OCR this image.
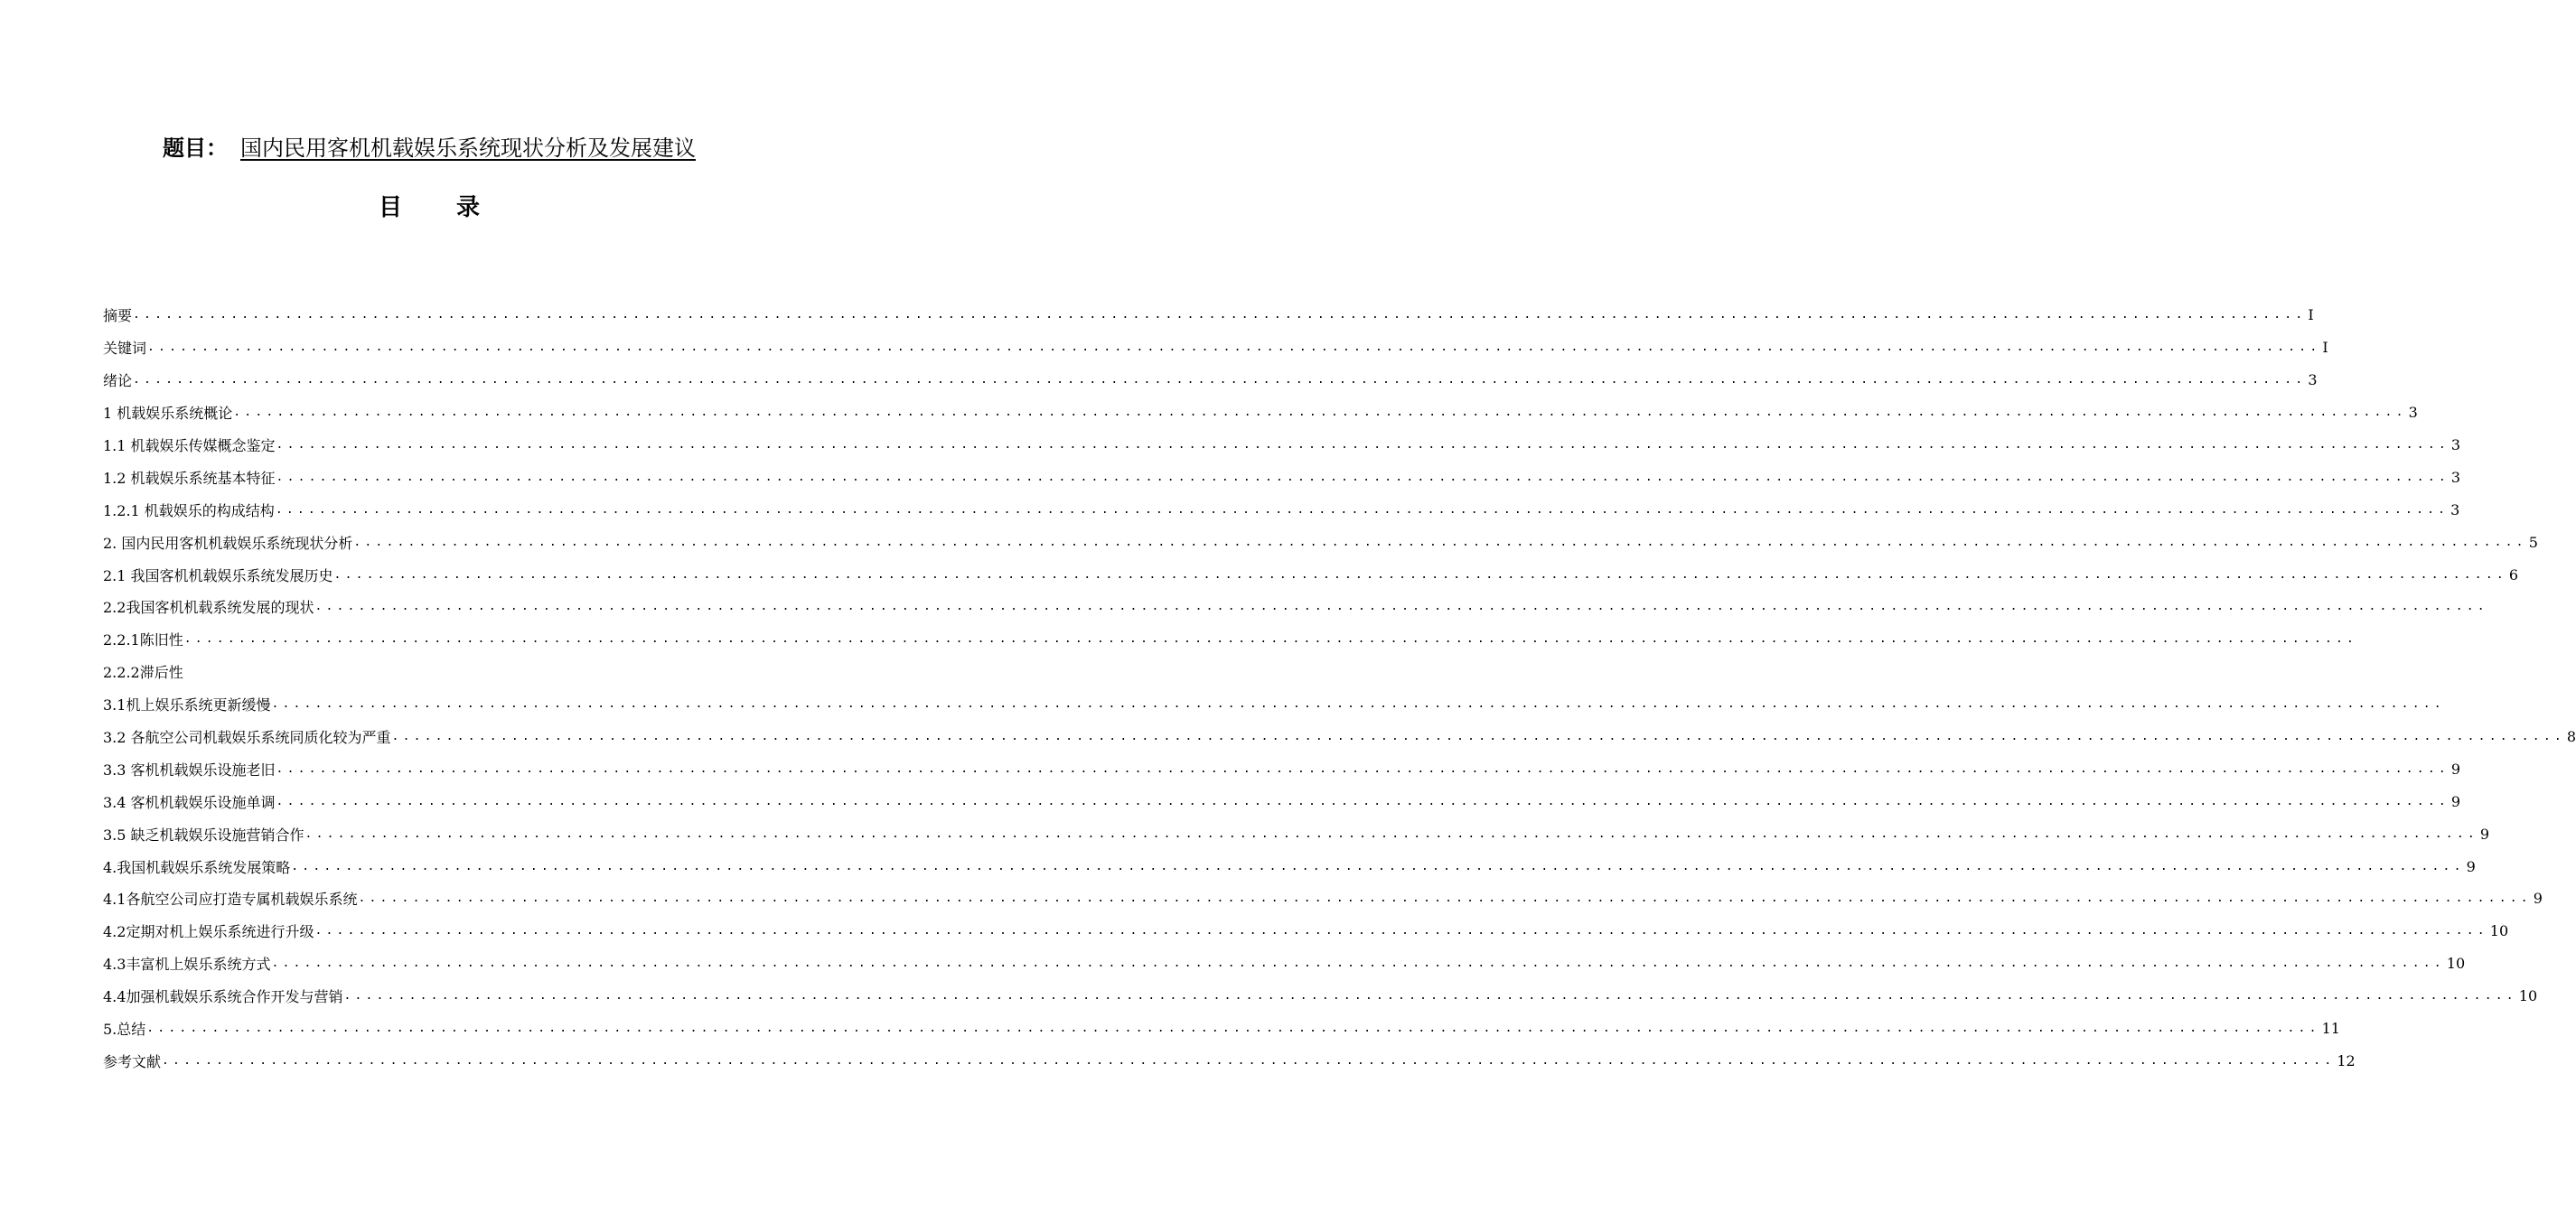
题目： 国内民用客机机载娱乐系统现状分析及发展建议
目录
摘要 ........................................................................................................................................................................................................ I
关键词 ........................................................................................................................................................................................................ I
绪论 ........................................................................................................................................................................................................ 3
1 机载娱乐系统概论 ........................................................................................................................................................................................................ 3
1.1 机载娱乐传媒概念鉴定 ........................................................................................................................................................................................................ 3
1.2 机载娱乐系统基本特征 ........................................................................................................................................................................................................ 3
1.2.1 机载娱乐的构成结构 ........................................................................................................................................................................................................ 3
2. 国内民用客机机载娱乐系统现状分析 ........................................................................................................................................................................................................ 5
2.1 我国客机机载娱乐系统发展历史 ........................................................................................................................................................................................................ 6
2.2我国客机机载系统发展的现状 ........................................................................................................................................................................................................
2.2.1陈旧性 ........................................................................................................................................................................................................
2.2.2滞后性
3.1机上娱乐系统更新缓慢 ........................................................................................................................................................................................................
3.2 各航空公司机载娱乐系统同质化较为严重 ........................................................................................................................................................................................................ 8
3.3 客机机载娱乐设施老旧 ........................................................................................................................................................................................................ 9
3.4 客机机载娱乐设施单调 ........................................................................................................................................................................................................ 9
3.5 缺乏机载娱乐设施营销合作 ........................................................................................................................................................................................................ 9
4.我国机载娱乐系统发展策略 ........................................................................................................................................................................................................ 9
4.1各航空公司应打造专属机载娱乐系统 ........................................................................................................................................................................................................ 9
4.2定期对机上娱乐系统进行升级 ........................................................................................................................................................................................................ 10
4.3丰富机上娱乐系统方式 ........................................................................................................................................................................................................ 10
4.4加强机载娱乐系统合作开发与营销 ........................................................................................................................................................................................................ 10
5.总结 ........................................................................................................................................................................................................ 11
参考文献 ........................................................................................................................................................................................................ 12
